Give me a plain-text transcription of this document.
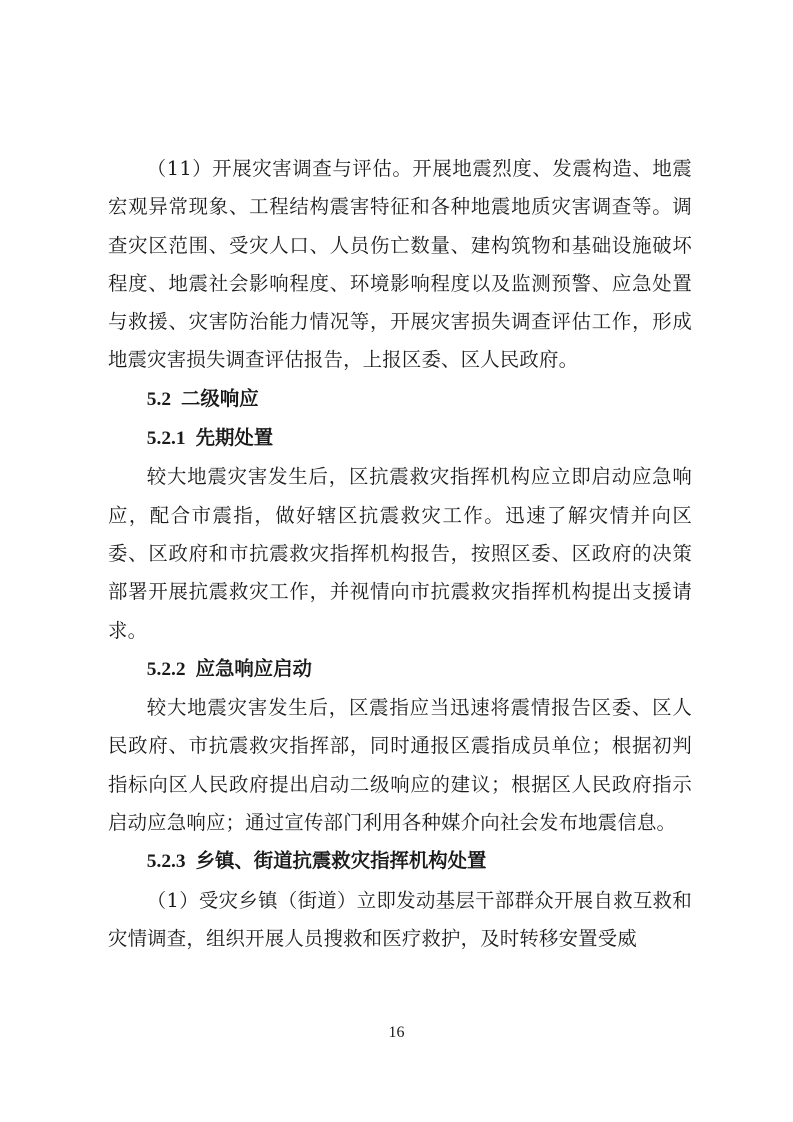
（11）开展灾害调查与评估。开展地震烈度、发震构造、地震宏观异常现象、工程结构震害特征和各种地震地质灾害调查等。调查灾区范围、受灾人口、人员伤亡数量、建构筑物和基础设施破坏程度、地震社会影响程度、环境影响程度以及监测预警、应急处置与救援、灾害防治能力情况等，开展灾害损失调查评估工作，形成地震灾害损失调查评估报告，上报区委、区人民政府。

5.2 二级响应

5.2.1 先期处置

较大地震灾害发生后，区抗震救灾指挥机构应立即启动应急响应，配合市震指，做好辖区抗震救灾工作。迅速了解灾情并向区委、区政府和市抗震救灾指挥机构报告，按照区委、区政府的决策部署开展抗震救灾工作，并视情向市抗震救灾指挥机构提出支援请求。

5.2.2 应急响应启动

较大地震灾害发生后，区震指应当迅速将震情报告区委、区人民政府、市抗震救灾指挥部，同时通报区震指成员单位；根据初判指标向区人民政府提出启动二级响应的建议；根据区人民政府指示启动应急响应；通过宣传部门利用各种媒介向社会发布地震信息。

5.2.3 乡镇、街道抗震救灾指挥机构处置

（1）受灾乡镇（街道）立即发动基层干部群众开展自救互救和灾情调查，组织开展人员搜救和医疗救护，及时转移安置受威

16
